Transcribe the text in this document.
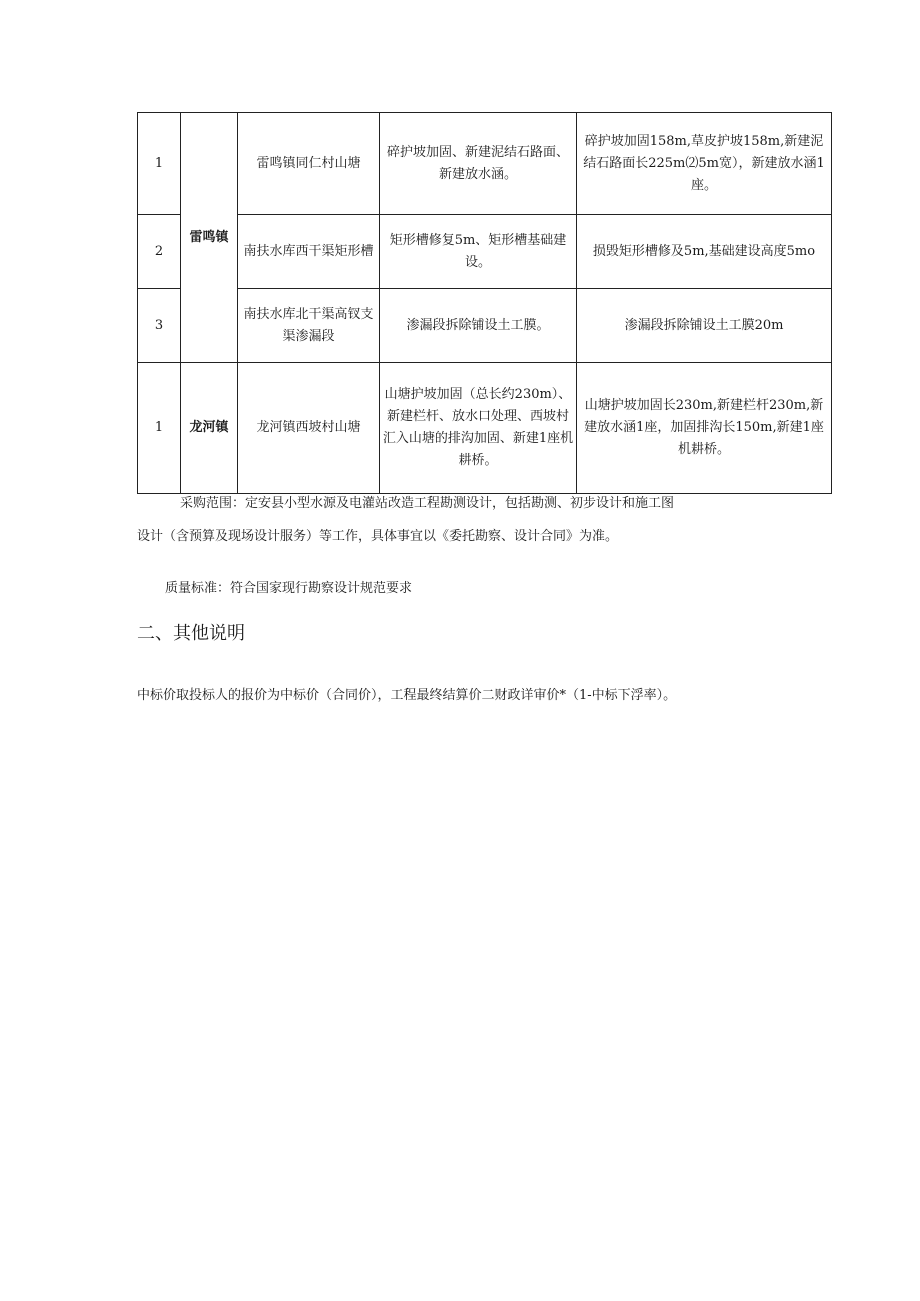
1	雷鸣镇	雷鸣镇同仁村山塘	碎护坡加固、新建泥结石路面、新建放水涵。	碎护坡加固158m,草皮护坡158m,新建泥结石路面长225m⑵5m宽），新建放水涵1座。
2		南扶水库西干渠矩形槽	矩形槽修复5m、矩形槽基础建设。	损毁矩形槽修及5m,基础建设高度5mo
3		南扶水库北干渠高钗支渠渗漏段	渗漏段拆除铺设土工膜。	渗漏段拆除铺设土工膜20m
1	龙河镇	龙河镇西坡村山塘	山塘护坡加固（总长约230m）、新建栏杆、放水口处理、西坡村汇入山塘的排沟加固、新建1座机耕桥。	山塘护坡加固长230m,新建栏杆230m,新建放水涵1座，加固排沟长150m,新建1座机耕桥。
采购范围：定安县小型水源及电灌站改造工程勘测设计，包括勘测、初步设计和施工图
设计（含预算及现场设计服务）等工作，具体事宜以《委托勘察、设计合同》为准。
质量标准：符合国家现行勘察设计规范要求
二、其他说明
中标价取投标人的报价为中标价（合同价），工程最终结算价二财政详审价*（1-中标下浮率）。
